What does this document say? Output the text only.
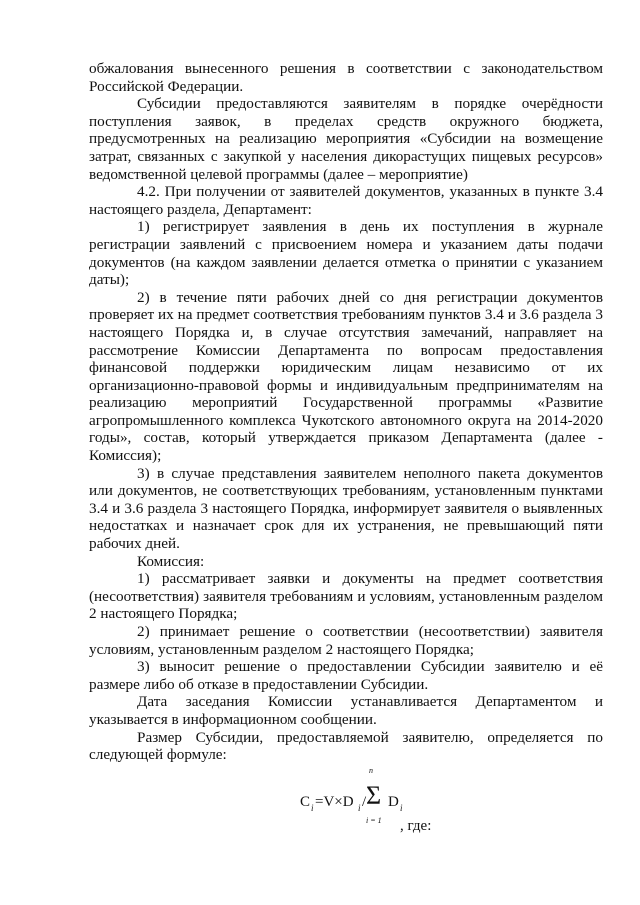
обжалования вынесенного решения в соответствии с законодательством Российской Федерации.

Субсидии предоставляются заявителям в порядке очерёдности поступления заявок, в пределах средств окружного бюджета, предусмотренных на реализацию мероприятия «Субсидии на возмещение затрат, связанных с закупкой у населения дикорастущих пищевых ресурсов» ведомственной целевой программы (далее – мероприятие)

4.2. При получении от заявителей документов, указанных в пункте 3.4 настоящего раздела, Департамент:

1) регистрирует заявления в день их поступления в журнале регистрации заявлений с присвоением номера и указанием даты подачи документов (на каждом заявлении делается отметка о принятии с указанием даты);

2) в течение пяти рабочих дней со дня регистрации документов проверяет их на предмет соответствия требованиям пунктов 3.4 и 3.6 раздела 3 настоящего Порядка и, в случае отсутствия замечаний, направляет на рассмотрение Комиссии Департамента по вопросам предоставления финансовой поддержки юридическим лицам независимо от их организационно-правовой формы и индивидуальным предпринимателям на реализацию мероприятий Государственной программы «Развитие агропромышленного комплекса Чукотского автономного округа на 2014-2020 годы», состав, который утверждается приказом Департамента (далее - Комиссия);

3) в случае представления заявителем неполного пакета документов или документов, не соответствующих требованиям, установленным пунктами 3.4 и 3.6 раздела 3 настоящего Порядка, информирует заявителя о выявленных недостатках и назначает срок для их устранения, не превышающий пяти рабочих дней.

Комиссия:

1) рассматривает заявки и документы на предмет соответствия (несоответствия) заявителя требованиям и условиям, установленным разделом 2 настоящего Порядка;

2) принимает решение о соответствии (несоответствии) заявителя условиям, установленным разделом 2 настоящего Порядка;

3) выносит решение о предоставлении Субсидии заявителю и её размере либо об отказе в предоставлении Субсидии.

Дата заседания Комиссии устанавливается Департаментом и указывается в информационном сообщении.

Размер Субсидии, предоставляемой заявителю, определяется по следующей формуле:

C i =V×D i /
n
Σ
i = 1
D i
, где:
